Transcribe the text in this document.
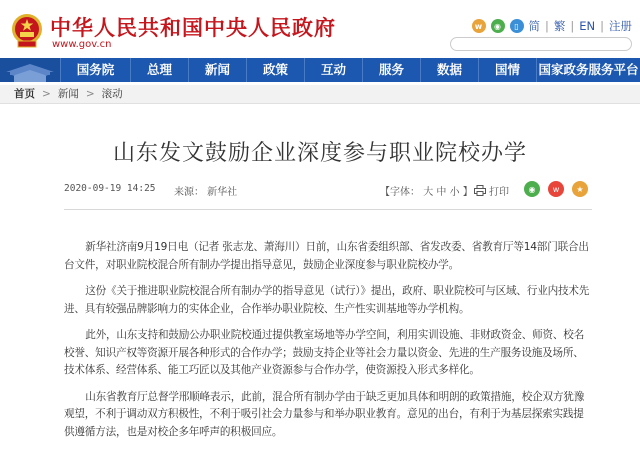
中华人民共和国中央人民政府
www.gov.cn
w	◉	▯ 简 | 繁 | EN | 注册
国务院	总理	新闻	政策	互动	服务	数据	国情	国家政务服务平台
首页 > 新闻 > 滚动
山东发文鼓励企业深度参与职业院校办学
2020-09-19 14:25 来源： 新华社	【字体： 大 中 小 】 打印	◉	w	★

新华社济南9月19日电（记者 张志龙、萧海川）日前，山东省委组织部、省发改委、省教育厅等14部门联合出台文件，对职业院校混合所有制办学提出指导意见，鼓励企业深度参与职业院校办学。

这份《关于推进职业院校混合所有制办学的指导意见（试行）》提出，政府、职业院校可与区域、行业内技术先进、具有较强品牌影响力的实体企业，合作举办职业院校、生产性实训基地等办学机构。

此外，山东支持和鼓励公办职业院校通过提供教室场地等办学空间，利用实训设施、非财政资金、师资、校名校誉、知识产权等资源开展各种形式的合作办学；鼓励支持企业等社会力量以资金、先进的生产服务设施及场所、技术体系、经营体系、能工巧匠以及其他产业资源参与合作办学，使资源投入形式多样化。

山东省教育厅总督学邢顺峰表示，此前，混合所有制办学由于缺乏更加具体和明朗的政策措施，校企双方犹豫观望，不利于调动双方积极性，不利于吸引社会力量参与和举办职业教育。意见的出台，有利于为基层探索实践提供遵循方法，也是对校企多年呼声的积极回应。
